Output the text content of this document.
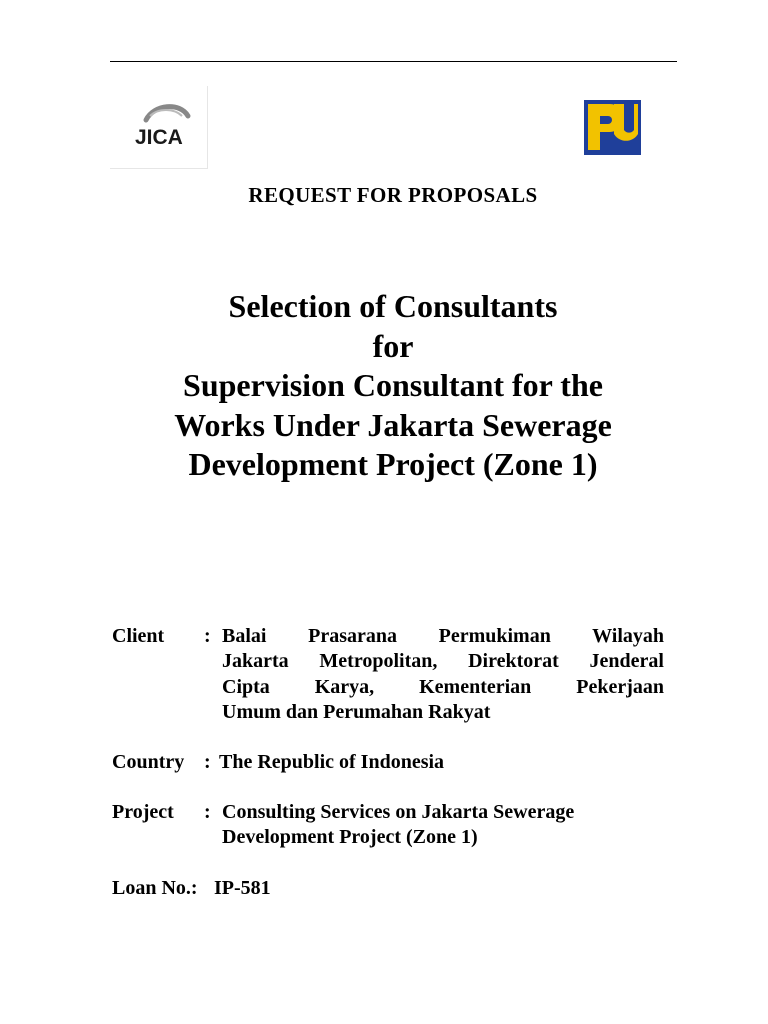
JICA
REQUEST FOR PROPOSALS
Selection of Consultants
for
Supervision Consultant for the
Works Under Jakarta Sewerage
Development Project (Zone 1)
Client : Balai Prasarana Permukiman Wilayah
Jakarta Metropolitan, Direktorat Jenderal
Cipta Karya, Kementerian Pekerjaan
Umum dan Perumahan Rakyat
Country : The Republic of Indonesia
Project : Consulting Services on Jakarta Sewerage
Development Project (Zone 1)
Loan No.: IP-581
